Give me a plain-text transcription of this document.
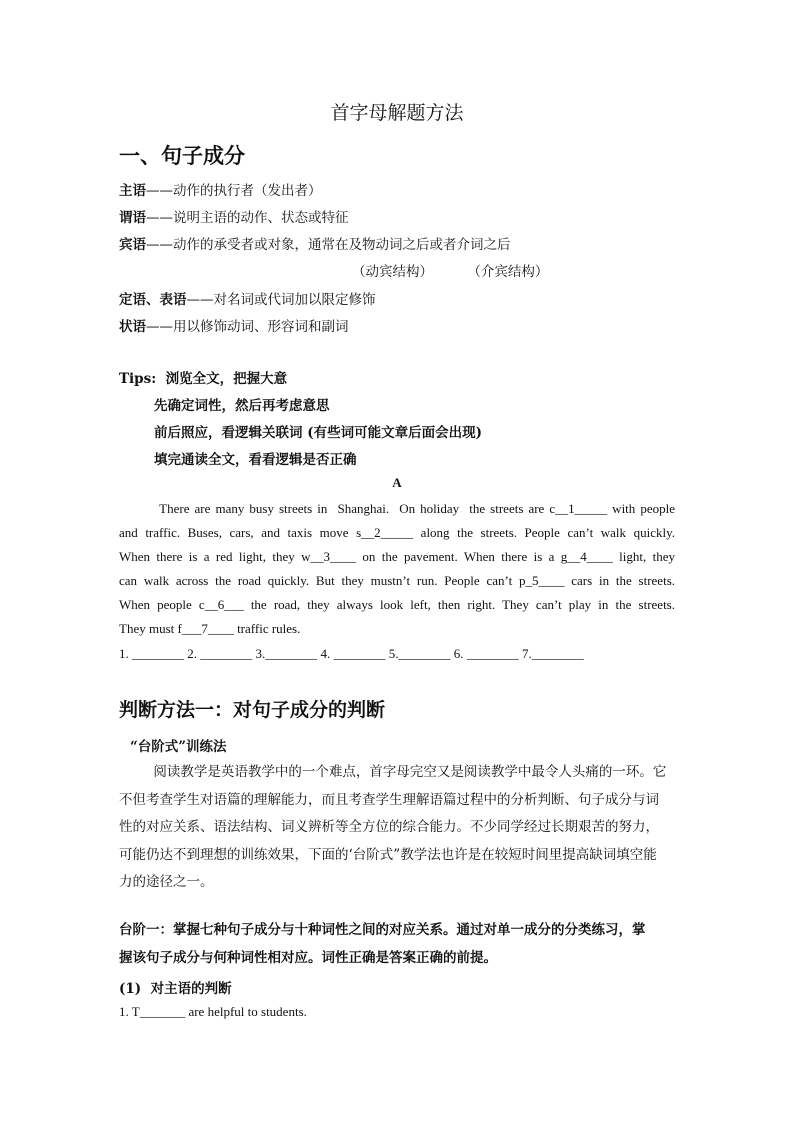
首字母解题方法
一、句子成分
主语——动作的执行者（发出者）
谓语——说明主语的动作、状态或特征
宾语——动作的承受者或对象，通常在及物动词之后或者介词之后
（动宾结构）        （介宾结构）
定语、表语——对名词或代词加以限定修饰
状语——用以修饰动词、形容词和副词
Tips:  浏览全文，把握大意
先确定词性，然后再考虑意思
前后照应，看逻辑关联词 (有些词可能文章后面会出现)
填完通读全文，看看逻辑是否正确
A
There are many busy streets in  Shanghai.  On holiday  the streets are c__1_____ with people
and traffic. Buses, cars, and taxis move s__2_____ along the streets. People can’t walk quickly.
When there is a red light, they w__3____ on the pavement. When there is a g__4____ light, they
can walk across the road quickly. But they mustn’t run. People can’t p_5____ cars in the streets.
When people c__6___ the road, they always look left, then right. They can’t play in the streets.
They must f___7____ traffic rules.
1. ________ 2. ________ 3.________ 4. ________ 5.________ 6. ________ 7.________
判断方法一：对句子成分的判断
“台阶式”训练法
阅读教学是英语教学中的一个难点，首字母完空又是阅读教学中最令人头痛的一环。它
不但考查学生对语篇的理解能力，而且考查学生理解语篇过程中的分析判断、句子成分与词
性的对应关系、语法结构、词义辨析等全方位的综合能力。不少同学经过长期艰苦的努力，
可能仍达不到理想的训练效果，下面的‘台阶式”教学法也许是在较短时间里提高缺词填空能
力的途径之一。
台阶一：掌握七种句子成分与十种词性之间的对应关系。通过对单一成分的分类练习，掌
握该句子成分与何种词性相对应。词性正确是答案正确的前提。
(1)  对主语的判断
1. T_______ are helpful to students.
